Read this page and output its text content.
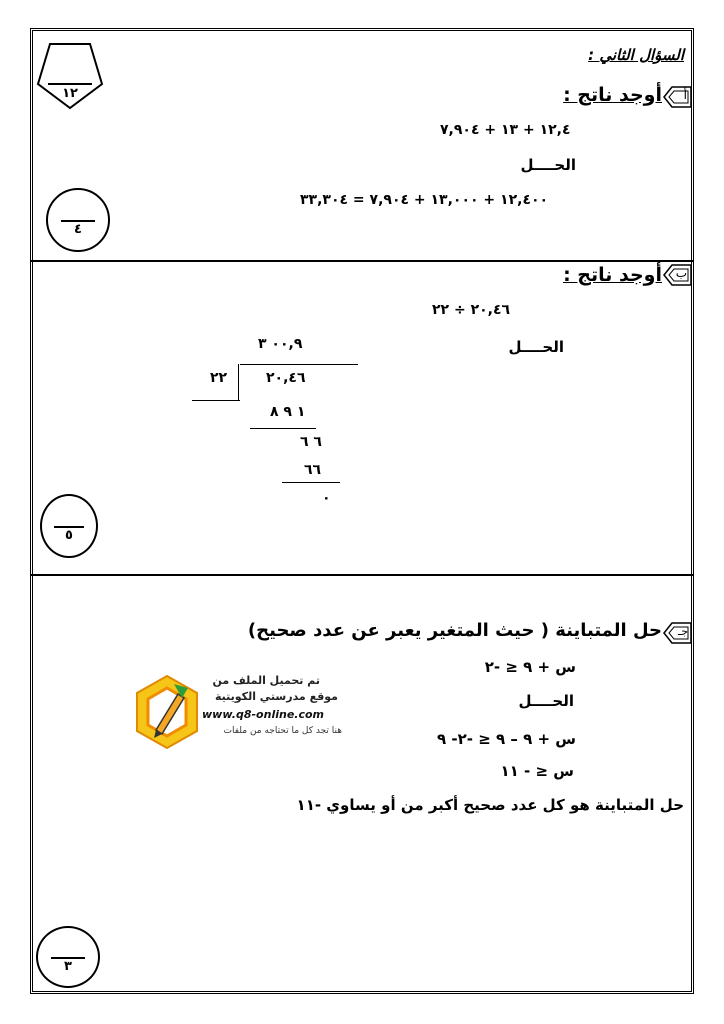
السؤال الثاني :
١٢	أ
أوجد ناتج :
١٢,٤ + ١٣ + ٧,٩٠٤
الحــــل
١٢,٤٠٠ + ١٣,٠٠٠ + ٧,٩٠٤ = ٣٣,٣٠٤
٤
ب
أوجد ناتج :
٢٠,٤٦ ÷ ٢٢
الحــــل
٠٠,٩ ٣
٢٢	٢٠,٤٦
١ ٩ ٨
٦ ٦
٦٦
٠
٥
جـ
حل المتباينة ( حيث المتغير يعبر عن عدد صحيح)
س + ٩ ≤ -٢
الحــــل
س + ٩ – ٩ ≤ -٢- ٩
س ≤ - ١١
حل المتباينة هو كل عدد صحيح أكبر من أو يساوي -١١
تم تحميل الملف من
موقع مدرستي الكويتية
www.q8-online.com
هنا تجد كل ما تحتاجه من ملفات
٣
